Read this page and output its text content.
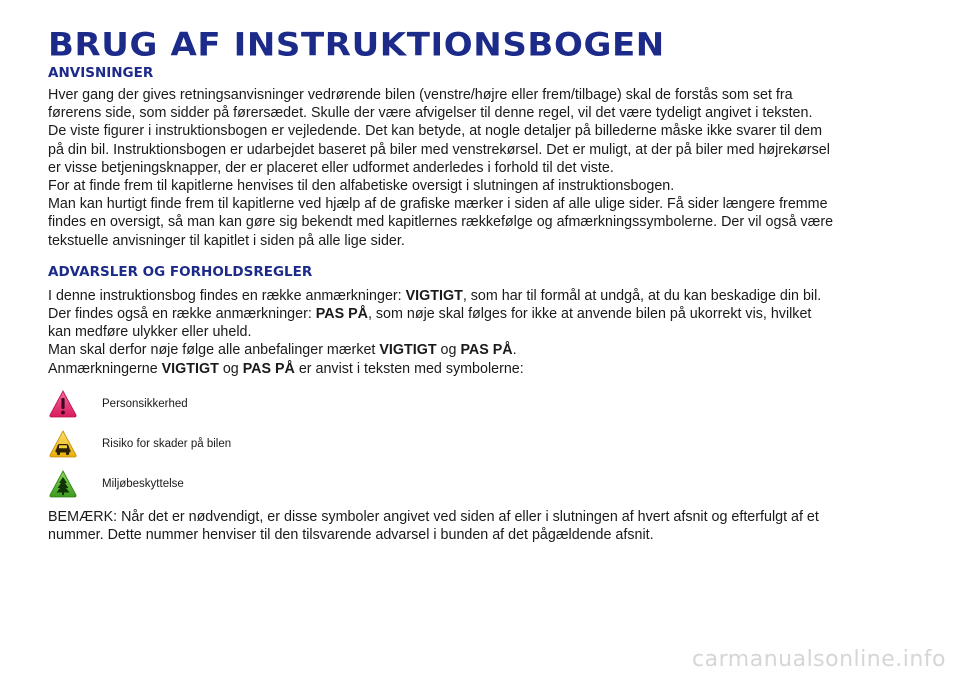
BRUG AF INSTRUKTIONSBOGEN
ANVISNINGER

Hver gang der gives retningsanvisninger vedrørende bilen (venstre/højre eller frem/tilbage) skal de forstås som set fra førerens side, som sidder på førersædet. Skulle der være afvigelser til denne regel, vil det være tydeligt angivet i teksten.

De viste figurer i instruktionsbogen er vejledende. Det kan betyde, at nogle detaljer på billederne måske ikke svarer til dem på din bil. Instruktionsbogen er udarbejdet baseret på biler med venstrekørsel. Det er muligt, at der på biler med højrekørsel er visse betjeningsknapper, der er placeret eller udformet anderledes i forhold til det viste.

For at finde frem til kapitlerne henvises til den alfabetiske oversigt i slutningen af instruktionsbogen.

Man kan hurtigt finde frem til kapitlerne ved hjælp af de grafiske mærker i siden af alle ulige sider. Få sider længere fremme findes en oversigt, så man kan gøre sig bekendt med kapitlernes rækkefølge og afmærkningssymbolerne. Der vil også være tekstuelle anvisninger til kapitlet i siden på alle lige sider.

ADVARSLER OG FORHOLDSREGLER

I denne instruktionsbog findes en række anmærkninger: VIGTIGT, som har til formål at undgå, at du kan beskadige din bil.

Der findes også en række anmærkninger: PAS PÅ, som nøje skal følges for ikke at anvende bilen på ukorrekt vis, hvilket kan medføre ulykker eller uheld.

Man skal derfor nøje følge alle anbefalinger mærket VIGTIGT og PAS PÅ.

Anmærkningerne VIGTIGT og PAS PÅ er anvist i teksten med symbolerne:

Personsikkerhed
Risiko for skader på bilen
Miljøbeskyttelse

BEMÆRK: Når det er nødvendigt, er disse symboler angivet ved siden af eller i slutningen af hvert afsnit og efterfulgt af et nummer. Dette nummer henviser til den tilsvarende advarsel i bunden af det pågældende afsnit.

carmanualsonline.info
